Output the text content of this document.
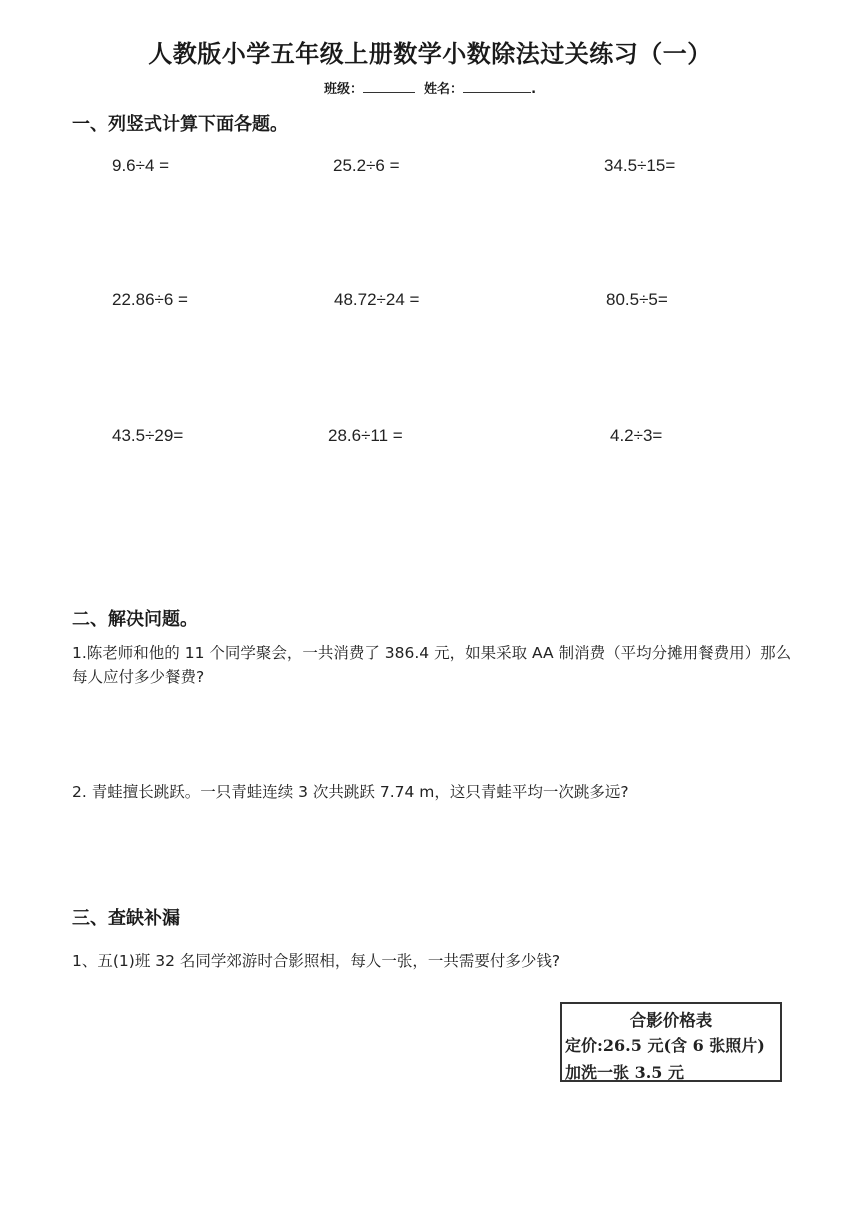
人教版小学五年级上册数学小数除法过关练习（一）
班级：	姓名：	.
一、列竖式计算下面各题。
9.6÷4 =	25.2÷6 =	34.5÷15=
22.86÷6 =	48.72÷24 =	80.5÷5=
43.5÷29=	28.6÷11 =	4.2÷3=
二、解决问题。
1.陈老师和他的 11 个同学聚会，一共消费了 386.4 元，如果采取 AA 制消费（平均分摊用餐费用）那么每人应付多少餐费?
2. 青蛙擅长跳跃。一只青蛙连续 3 次共跳跃 7.74 m，这只青蛙平均一次跳多远?
三、查缺补漏
1、五(1)班 32 名同学郊游时合影照相，每人一张，一共需要付多少钱?
合影价格表
定价:26.5 元(含 6 张照片)
加洗一张 3.5 元
